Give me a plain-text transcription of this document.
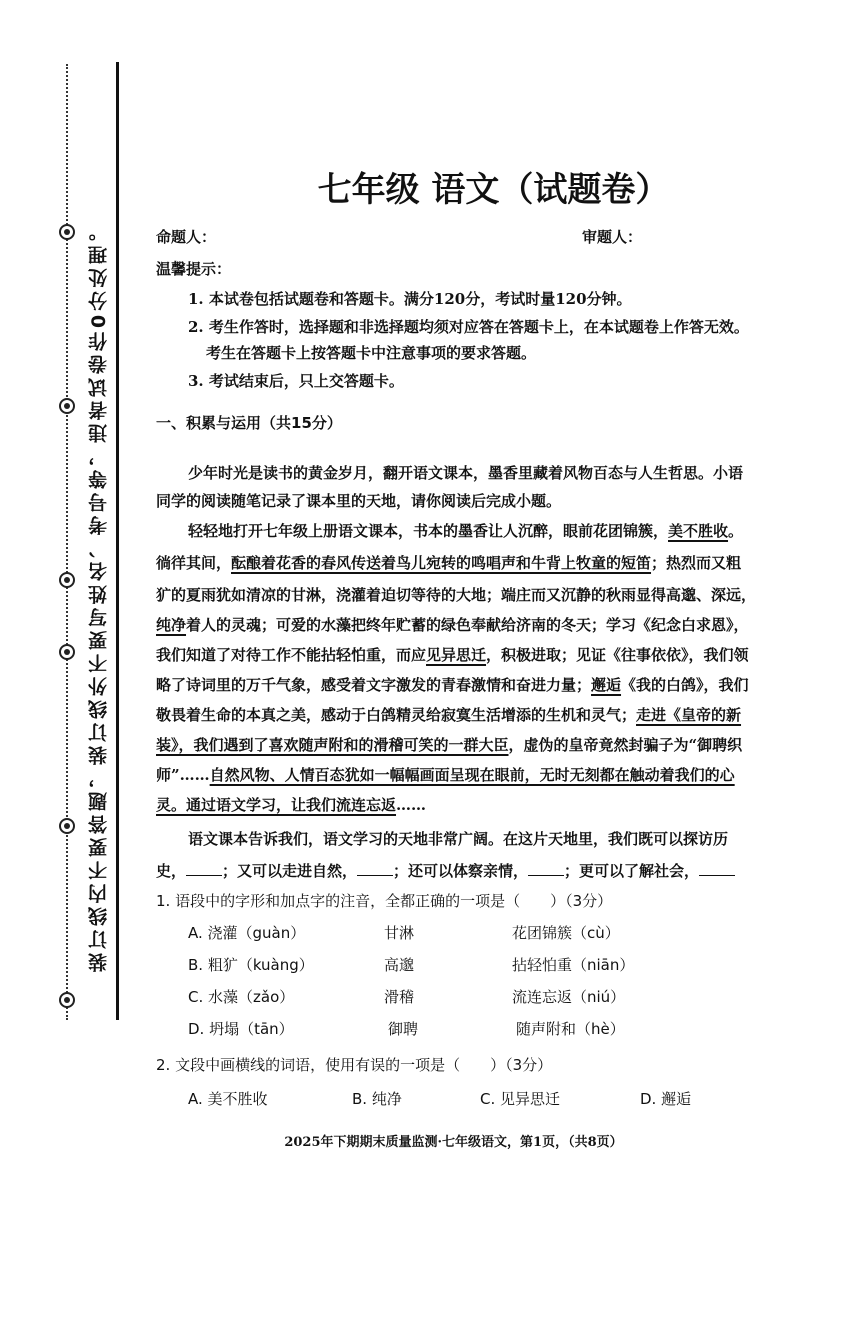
装订线内不要答题，装订线外不要写姓名、考号等，违者试卷作0分处理。
七年级 语文（试题卷）
命题人：	审题人：
温馨提示：
1. 本试卷包括试题卷和答题卡。满分120分，考试时量120分钟。
2. 考生作答时，选择题和非选择题均须对应答在答题卡上，在本试题卷上作答无效。
考生在答题卡上按答题卡中注意事项的要求答题。
3. 考试结束后，只上交答题卡。
一、积累与运用（共15分）
少年时光是读书的黄金岁月，翻开语文课本，墨香里藏着风物百态与人生哲思。小语
同学的阅读随笔记录了课本里的天地，请你阅读后完成小题。
轻轻地打开七年级上册语文课本，书本的墨香让人沉醉，眼前花团锦簇，美不胜收。
徜徉其间，酝酿着花香的春风传送着鸟儿宛转的鸣唱声和牛背上牧童的短笛；热烈而又粗
犷的夏雨犹如清凉的甘淋，浇灌着迫切等待的大地；端庄而又沉静的秋雨显得高邈、深远，
纯净着人的灵魂；可爱的水藻把终年贮蓄的绿色奉献给济南的冬天；学习《纪念白求恩》，
我们知道了对待工作不能拈轻怕重，而应见异思迁，积极进取；见证《往事依依》，我们领
略了诗词里的万千气象，感受着文字激发的青春激情和奋进力量；邂逅《我的白鸽》，我们
敬畏着生命的本真之美，感动于白鸽精灵给寂寞生活增添的生机和灵气；走进《皇帝的新
装》，我们遇到了喜欢随声附和的滑稽可笑的一群大臣，虚伪的皇帝竟然封骗子为“御聘织
师”……自然风物、人情百态犹如一幅幅画面呈现在眼前，无时无刻都在触动着我们的心
灵。通过语文学习，让我们流连忘返……
语文课本告诉我们，语文学习的天地非常广阔。在这片天地里，我们既可以探访历
史， ；又可以走进自然， ；还可以体察亲情， ；更可以了解社会，
1. 语段中的字形和加点字的注音，全都正确的一项是（　　）（3分）
A. 浇灌（guàn）	甘淋	花团锦簇（cù）
B. 粗犷（kuàng）	高邈	拈轻怕重（niān）
C. 水藻（zǎo）	滑稽	流连忘返（niú）
D. 坍塌（tān）	御聘	随声附和（hè）
2. 文段中画横线的词语，使用有误的一项是（　　）（3分）
A. 美不胜收	B. 纯净	C. 见异思迁	D. 邂逅
2025年下期期末质量监测·七年级语文，第1页，（共8页）
